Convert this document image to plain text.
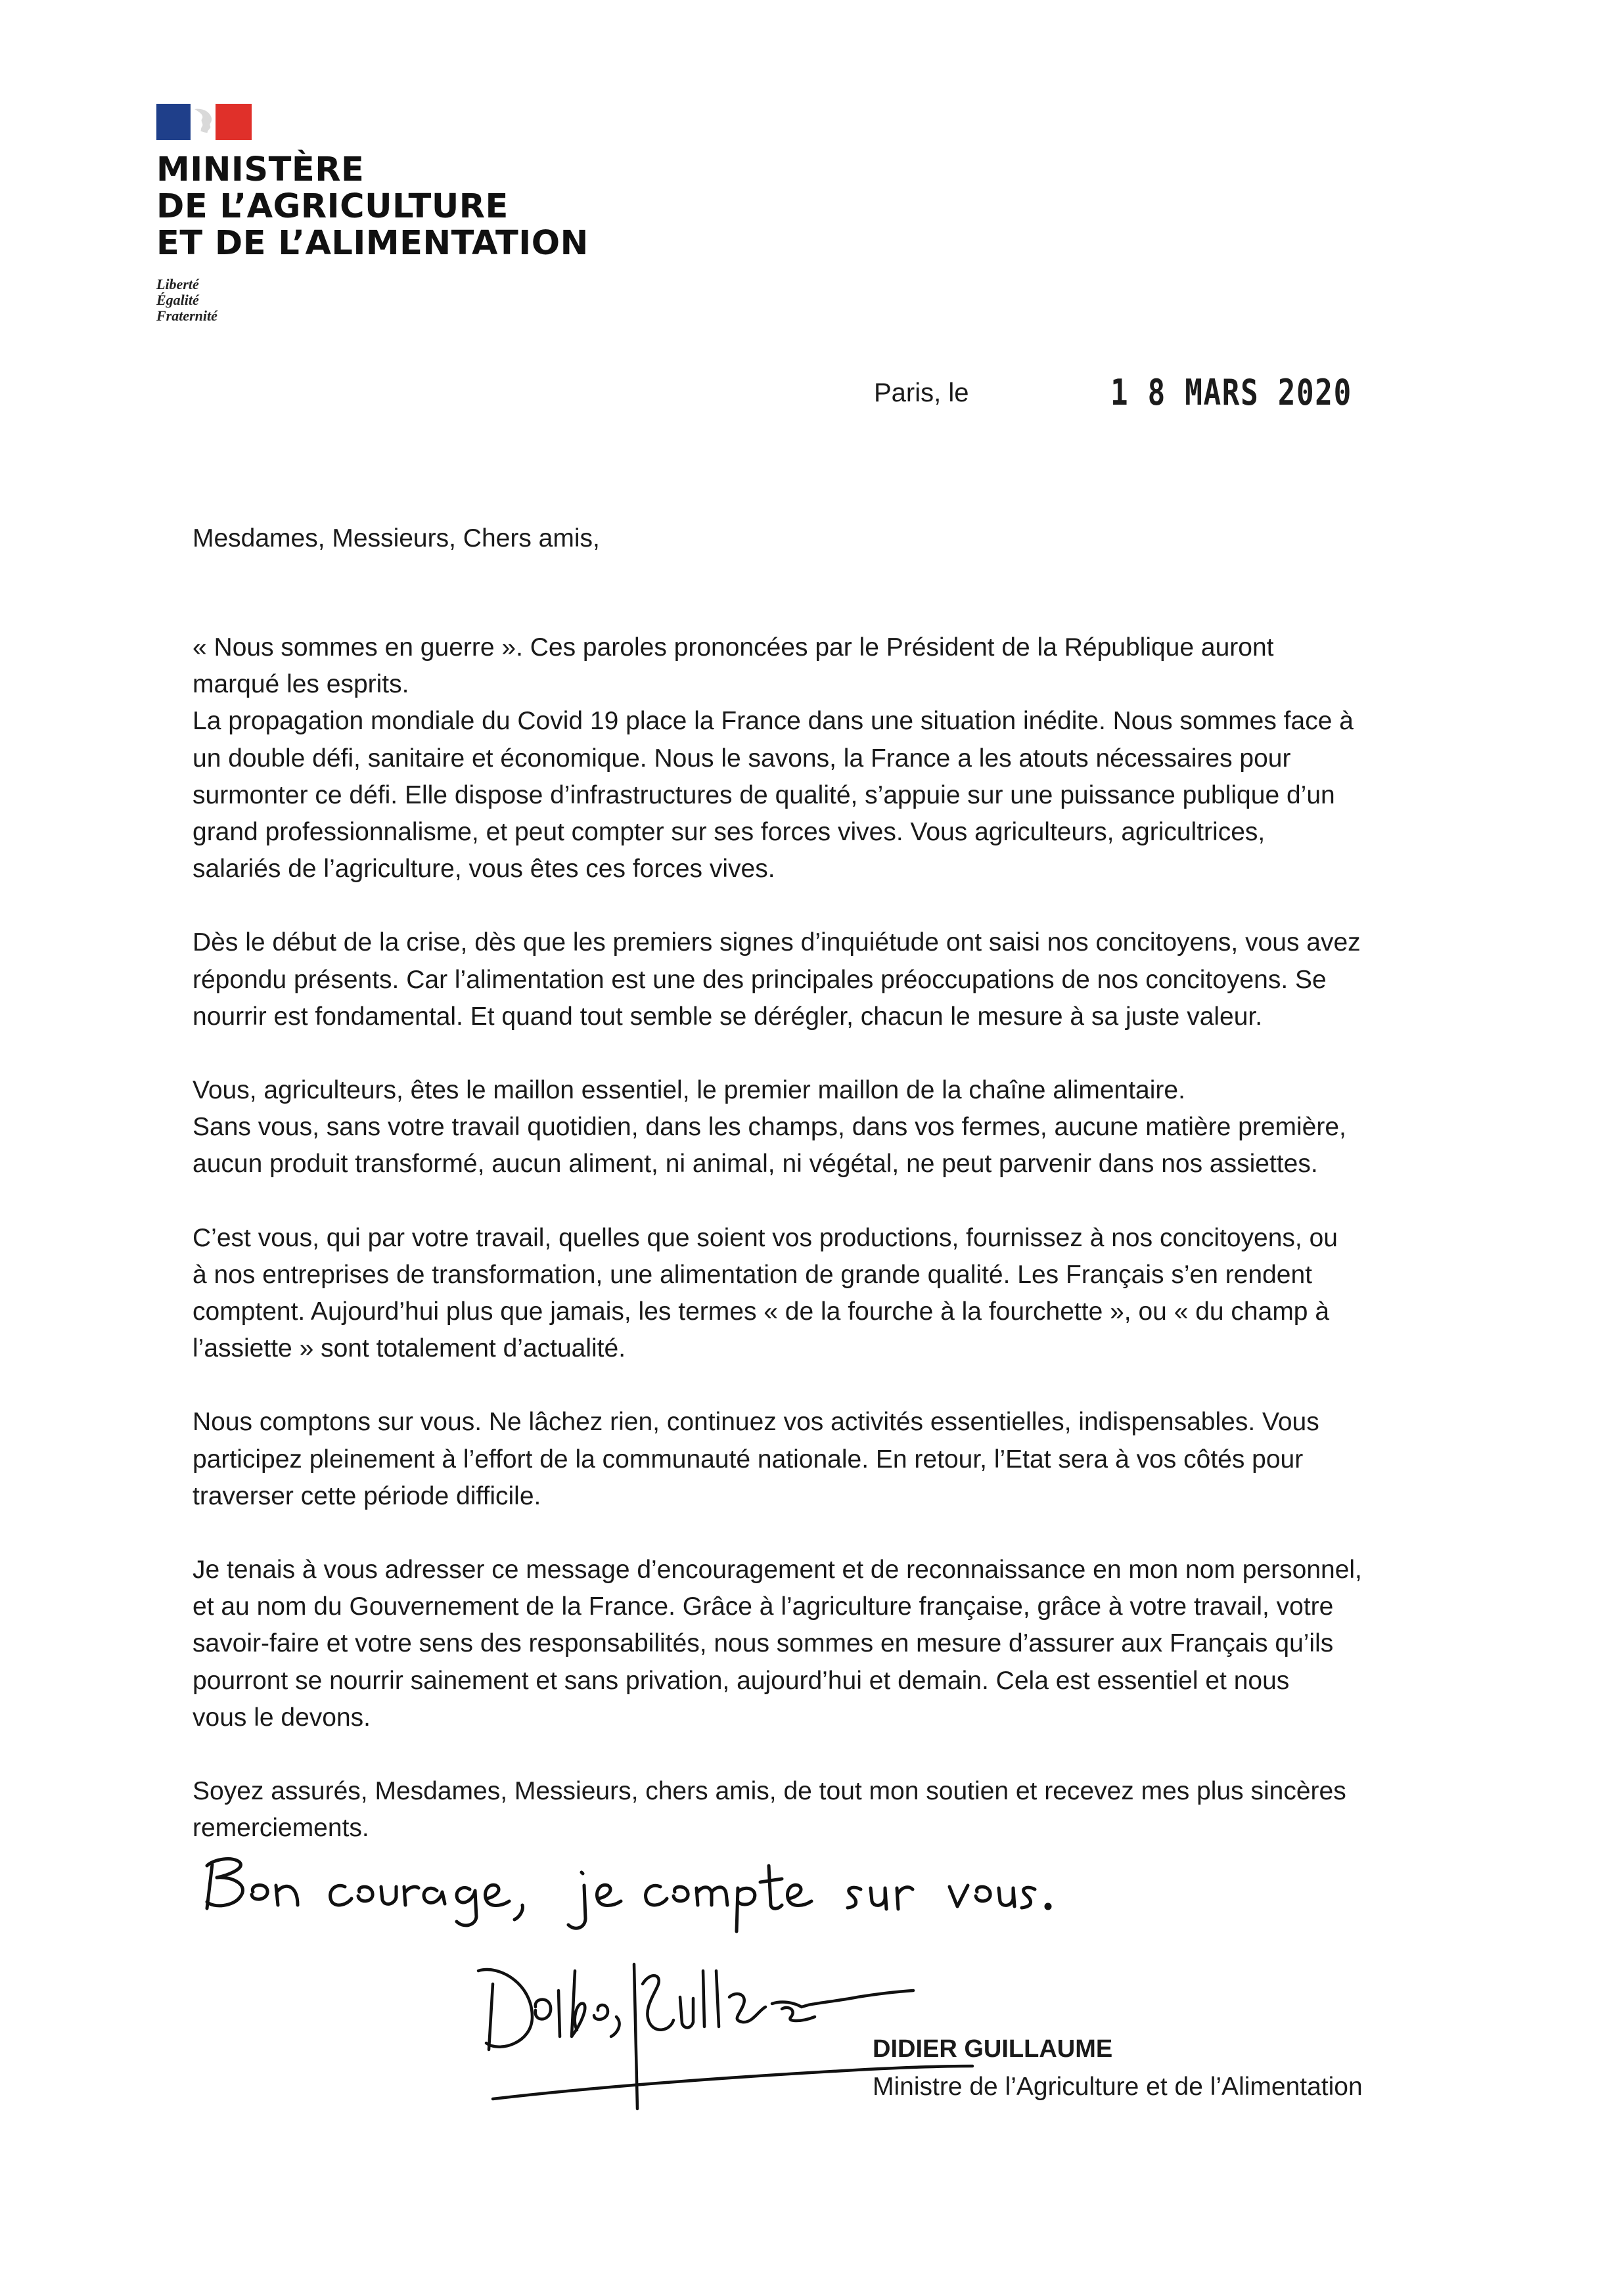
MINISTÈRE
DE L’AGRICULTURE
ET DE L’ALIMENTATION
Liberté
Égalité
Fraternité
Paris, le	1 8 MARS 2020
Mesdames, Messieurs, Chers amis,
« Nous sommes en guerre ». Ces paroles prononcées par le Président de la République auront
marqué les esprits.
La propagation mondiale du Covid 19 place la France dans une situation inédite. Nous sommes face à
un double défi, sanitaire et économique. Nous le savons, la France a les atouts nécessaires pour
surmonter ce défi. Elle dispose d’infrastructures de qualité, s’appuie sur une puissance publique d’un
grand professionnalisme, et peut compter sur ses forces vives. Vous agriculteurs, agricultrices,
salariés de l’agriculture, vous êtes ces forces vives.
Dès le début de la crise, dès que les premiers signes d’inquiétude ont saisi nos concitoyens, vous avez
répondu présents. Car l’alimentation est une des principales préoccupations de nos concitoyens. Se
nourrir est fondamental. Et quand tout semble se dérégler, chacun le mesure à sa juste valeur.
Vous, agriculteurs, êtes le maillon essentiel, le premier maillon de la chaîne alimentaire.
Sans vous, sans votre travail quotidien, dans les champs, dans vos fermes, aucune matière première,
aucun produit transformé, aucun aliment, ni animal, ni végétal, ne peut parvenir dans nos assiettes.
C’est vous, qui par votre travail, quelles que soient vos productions, fournissez à nos concitoyens, ou
à nos entreprises de transformation, une alimentation de grande qualité. Les Français s’en rendent
comptent. Aujourd’hui plus que jamais, les termes « de la fourche à la fourchette », ou « du champ à
l’assiette » sont totalement d’actualité.
Nous comptons sur vous. Ne lâchez rien, continuez vos activités essentielles, indispensables. Vous
participez pleinement à l’effort de la communauté nationale. En retour, l’Etat sera à vos côtés pour
traverser cette période difficile.
Je tenais à vous adresser ce message d’encouragement et de reconnaissance en mon nom personnel,
et au nom du Gouvernement de la France. Grâce à l’agriculture française, grâce à votre travail, votre
savoir-faire et votre sens des responsabilités, nous sommes en mesure d’assurer aux Français qu’ils
pourront se nourrir sainement et sans privation, aujourd’hui et demain. Cela est essentiel et nous
vous le devons.
Soyez assurés, Mesdames, Messieurs, chers amis, de tout mon soutien et recevez mes plus sincères
remerciements.
DIDIER GUILLAUME
Ministre de l’Agriculture et de l’Alimentation
